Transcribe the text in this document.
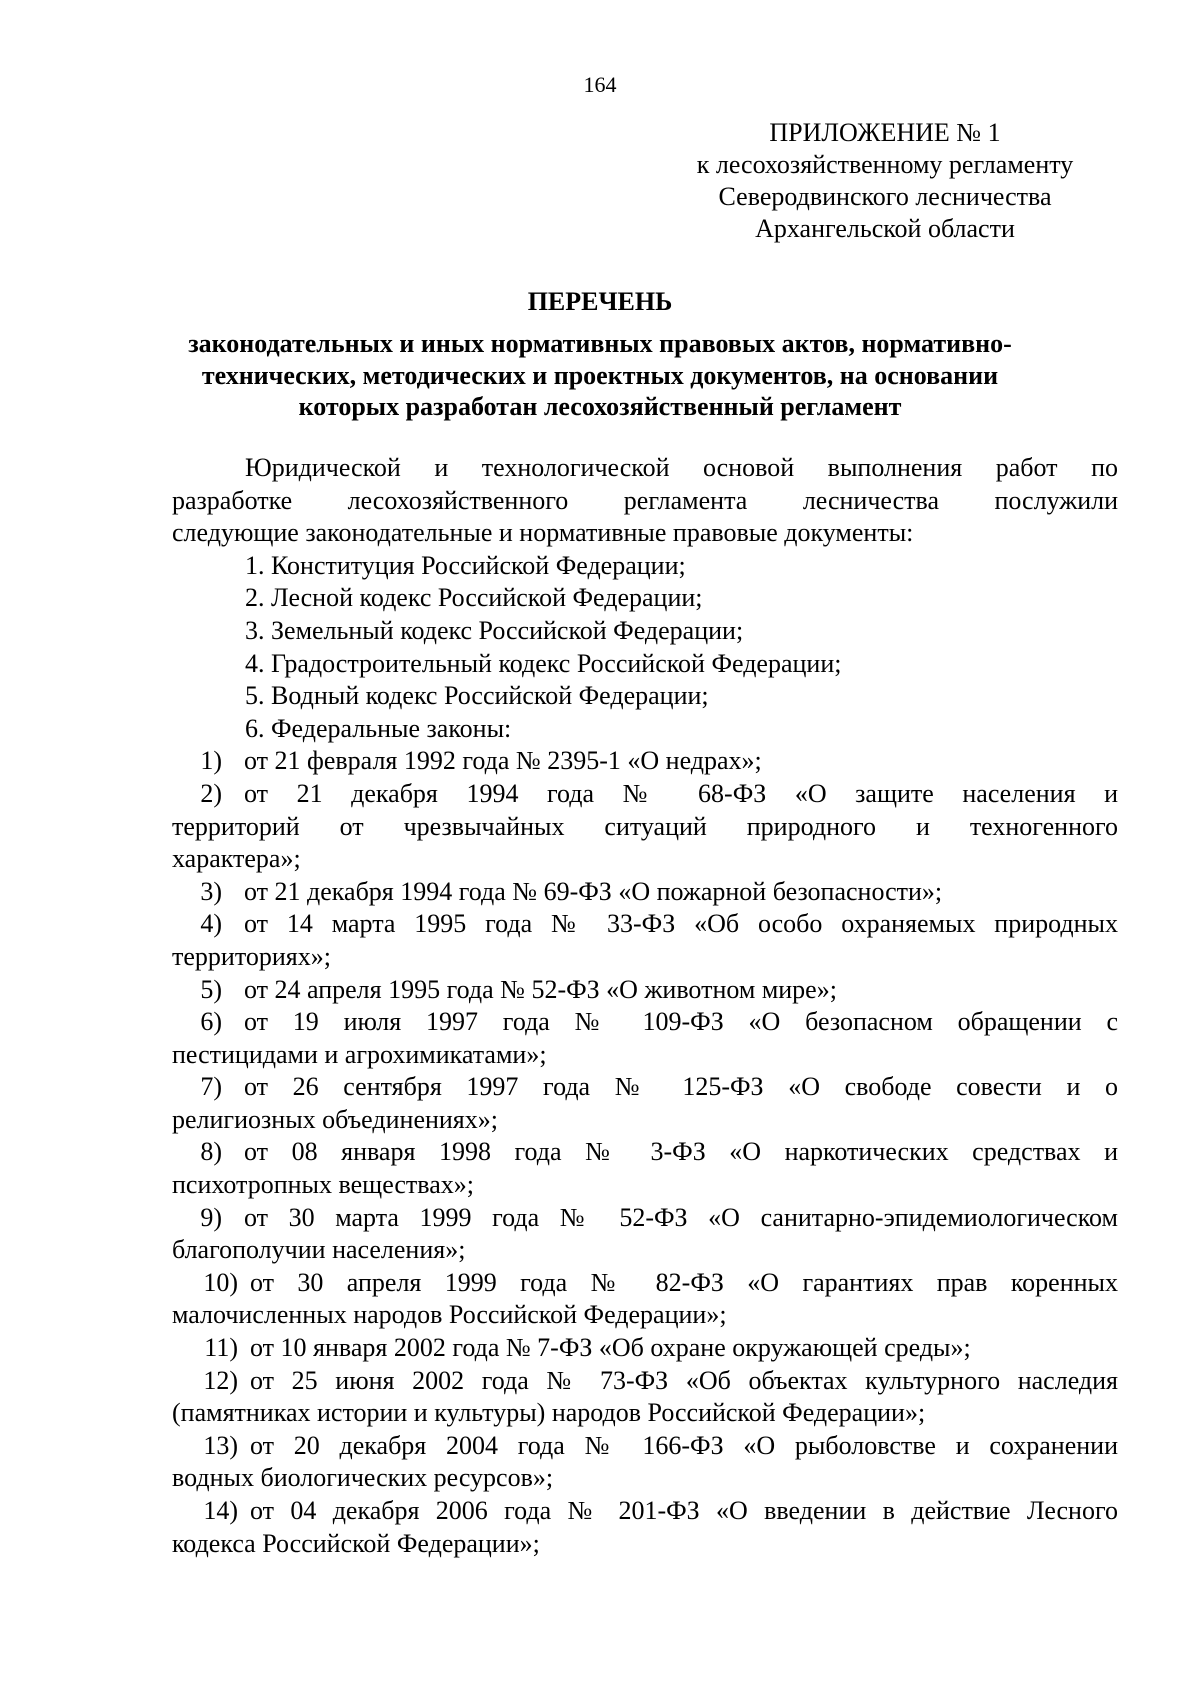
164
ПРИЛОЖЕНИЕ № 1
к лесохозяйственному регламенту
Северодвинского лесничества
Архангельской области
ПЕРЕЧЕНЬ
законодательных и иных нормативных правовых актов, нормативно-
технических, методических и проектных документов, на основании
которых разработан лесохозяйственный регламент
Юридической и технологической основой выполнения работ по
разработке лесохозяйственного регламента лесничества послужили
следующие законодательные и нормативные правовые документы:
1. Конституция Российской Федерации;
2. Лесной кодекс Российской Федерации;
3. Земельный кодекс Российской Федерации;
4. Градостроительный кодекс Российской Федерации;
5. Водный кодекс Российской Федерации;
6. Федеральные законы:
1) от 21 февраля 1992 года № 2395-1 «О недрах»;
2) от 21 декабря 1994 года № 68-ФЗ «О защите населения и
территорий от чрезвычайных ситуаций природного и техногенного
характера»;
3) от 21 декабря 1994 года № 69-ФЗ «О пожарной безопасности»;
4) от 14 марта 1995 года № 33-ФЗ «Об особо охраняемых природных
территориях»;
5) от 24 апреля 1995 года № 52-ФЗ «О животном мире»;
6) от 19 июля 1997 года № 109-ФЗ «О безопасном обращении с
пестицидами и агрохимикатами»;
7) от 26 сентября 1997 года № 125-ФЗ «О свободе совести и о
религиозных объединениях»;
8) от 08 января 1998 года № 3-ФЗ «О наркотических средствах и
психотропных веществах»;
9) от 30 марта 1999 года № 52-ФЗ «О санитарно-эпидемиологическом
благополучии населения»;
10) от 30 апреля 1999 года № 82-ФЗ «О гарантиях прав коренных
малочисленных народов Российской Федерации»;
11) от 10 января 2002 года № 7-ФЗ «Об охране окружающей среды»;
12) от 25 июня 2002 года № 73-ФЗ «Об объектах культурного наследия
(памятниках истории и культуры) народов Российской Федерации»;
13) от 20 декабря 2004 года № 166-ФЗ «О рыболовстве и сохранении
водных биологических ресурсов»;
14) от 04 декабря 2006 года № 201-ФЗ «О введении в действие Лесного
кодекса Российской Федерации»;
